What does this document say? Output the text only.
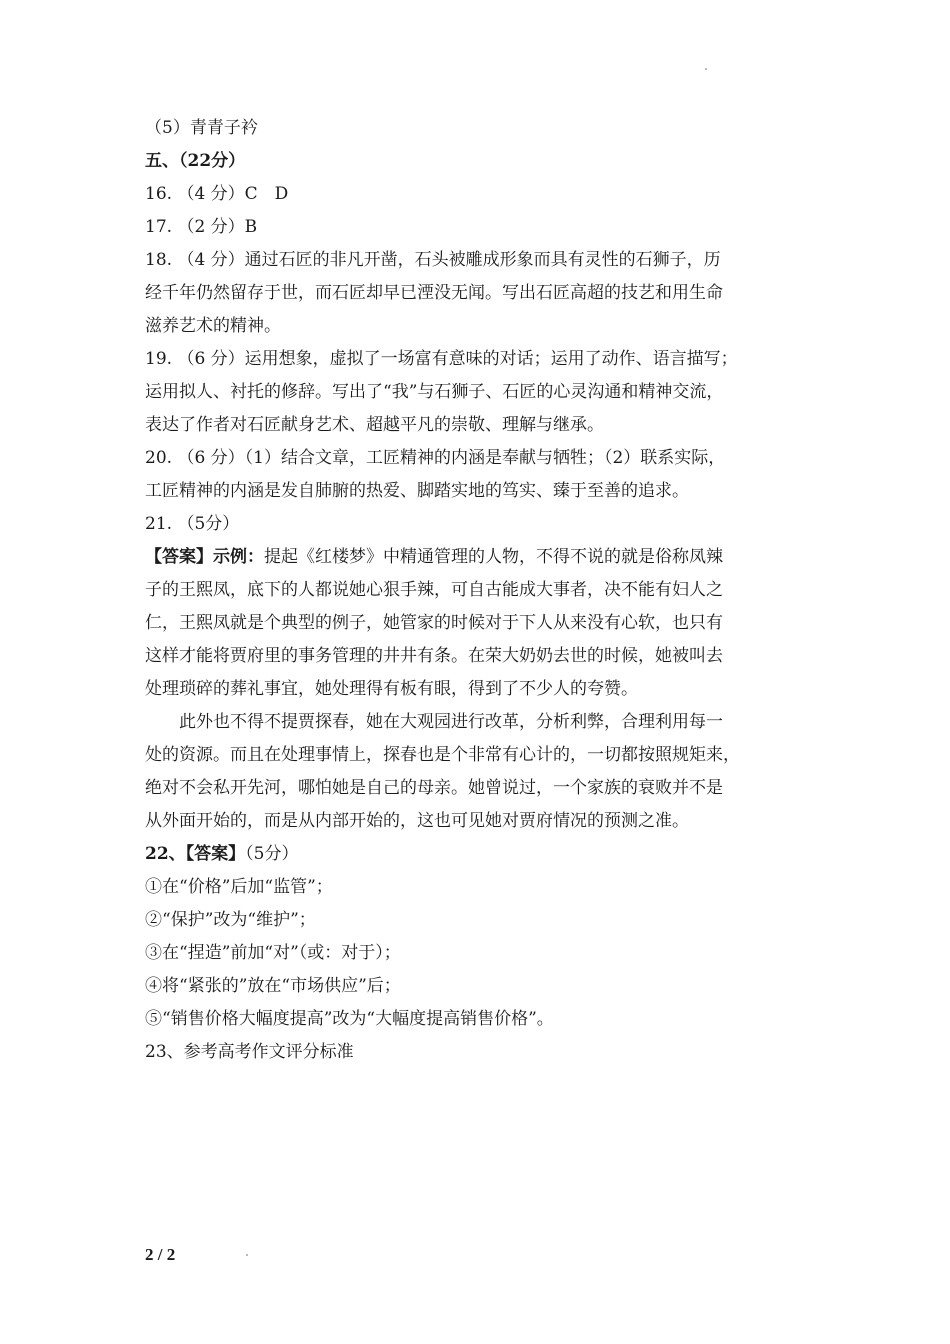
（5）青青子衿
五、（22分）
16. （4 分）C　D
17. （2 分）B
18. （4 分）通过石匠的非凡开凿，石头被雕成形象而具有灵性的石狮子，历
经千年仍然留存于世，而石匠却早已湮没无闻。写出石匠高超的技艺和用生命
滋养艺术的精神。
19. （6 分）运用想象，虚拟了一场富有意味的对话；运用了动作、语言描写；
运用拟人、衬托的修辞。写出了“我”与石狮子、石匠的心灵沟通和精神交流，
表达了作者对石匠献身艺术、超越平凡的崇敬、理解与继承。
20. （6 分）（1）结合文章，工匠精神的内涵是奉献与牺牲；（2）联系实际，
工匠精神的内涵是发自肺腑的热爱、脚踏实地的笃实、臻于至善的追求。
21. （5分）
【答案】示例：提起《红楼梦》中精通管理的人物，不得不说的就是俗称凤辣
子的王熙凤，底下的人都说她心狠手辣，可自古能成大事者，决不能有妇人之
仁，王熙凤就是个典型的例子，她管家的时候对于下人从来没有心软，也只有
这样才能将贾府里的事务管理的井井有条。在荣大奶奶去世的时候，她被叫去
处理琐碎的葬礼事宜，她处理得有板有眼，得到了不少人的夸赞。
此外也不得不提贾探春，她在大观园进行改革，分析利弊，合理利用每一
处的资源。而且在处理事情上，探春也是个非常有心计的，一切都按照规矩来，
绝对不会私开先河，哪怕她是自己的母亲。她曾说过，一个家族的衰败并不是
从外面开始的，而是从内部开始的，这也可见她对贾府情况的预测之准。
22、【答案】（5分）
①在“价格”后加“监管”；
②“保护”改为“维护”；
③在“捏造”前加“对”（或：对于）；
④将“紧张的”放在“市场供应”后；
⑤“销售价格大幅度提高”改为“大幅度提高销售价格”。
23、参考高考作文评分标准
2 / 2
